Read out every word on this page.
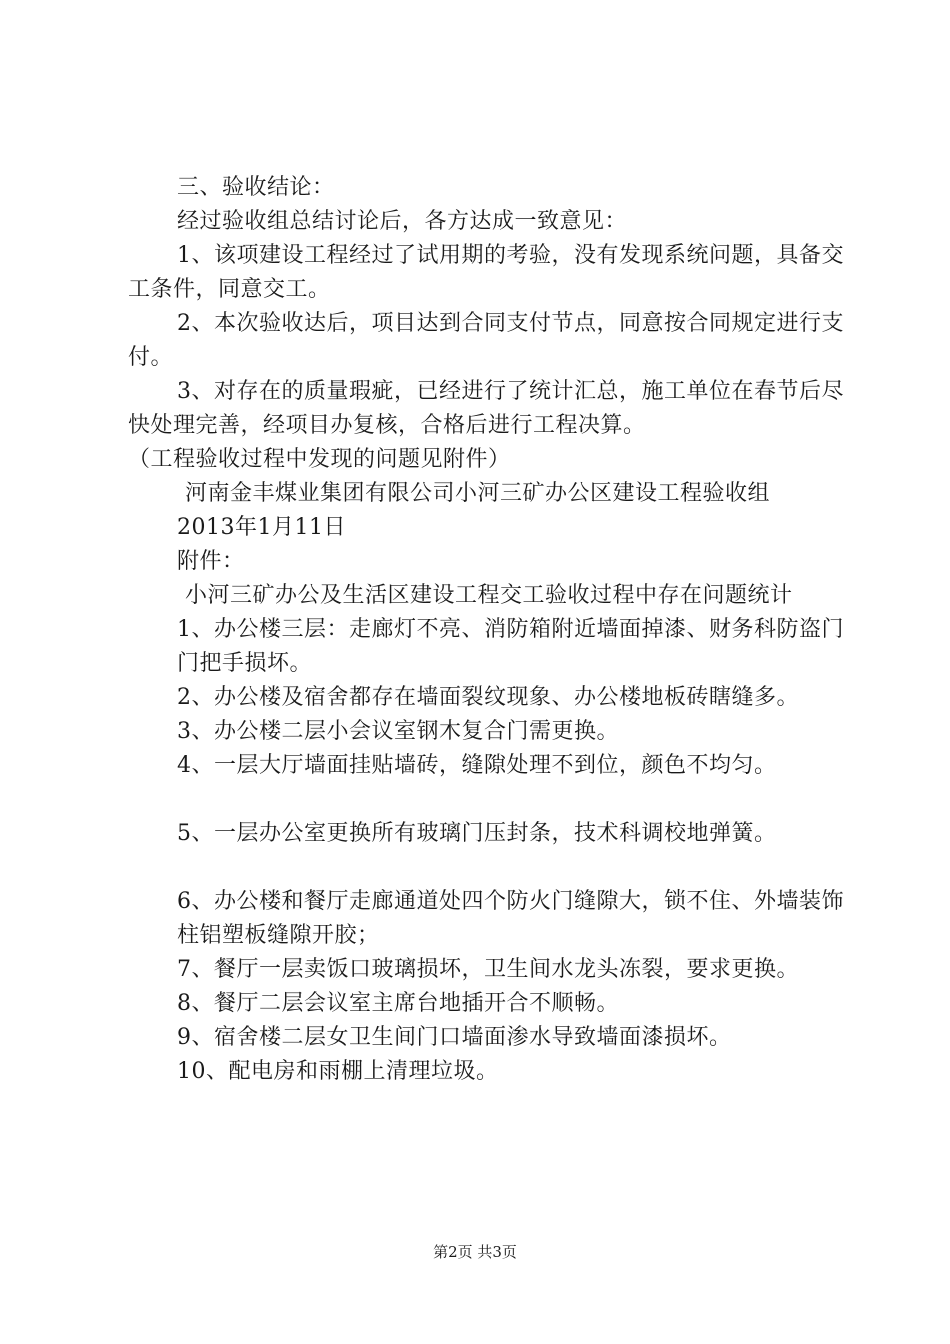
三、验收结论：

经过验收组总结讨论后，各方达成一致意见：

1、该项建设工程经过了试用期的考验，没有发现系统问题，具备交工条件，同意交工。

2、本次验收达后，项目达到合同支付节点，同意按合同规定进行支付。

3、对存在的质量瑕疵，已经进行了统计汇总，施工单位在春节后尽快处理完善，经项目办复核，合格后进行工程决算。

（工程验收过程中发现的问题见附件）

河南金丰煤业集团有限公司小河三矿办公区建设工程验收组

2013年1月11日

附件：

小河三矿办公及生活区建设工程交工验收过程中存在问题统计

1、办公楼三层：走廊灯不亮、消防箱附近墙面掉漆、财务科防盗门

门把手损坏。

2、办公楼及宿舍都存在墙面裂纹现象、办公楼地板砖瞎缝多。

3、办公楼二层小会议室钢木复合门需更换。

4、一层大厅墙面挂贴墙砖，缝隙处理不到位，颜色不均匀。

5、一层办公室更换所有玻璃门压封条，技术科调校地弹簧。

6、办公楼和餐厅走廊通道处四个防火门缝隙大，锁不住、外墙装饰

柱铝塑板缝隙开胶；

7、餐厅一层卖饭口玻璃损坏，卫生间水龙头冻裂，要求更换。

8、餐厅二层会议室主席台地插开合不顺畅。

9、宿舍楼二层女卫生间门口墙面渗水导致墙面漆损坏。

10、配电房和雨棚上清理垃圾。

第2页 共3页
